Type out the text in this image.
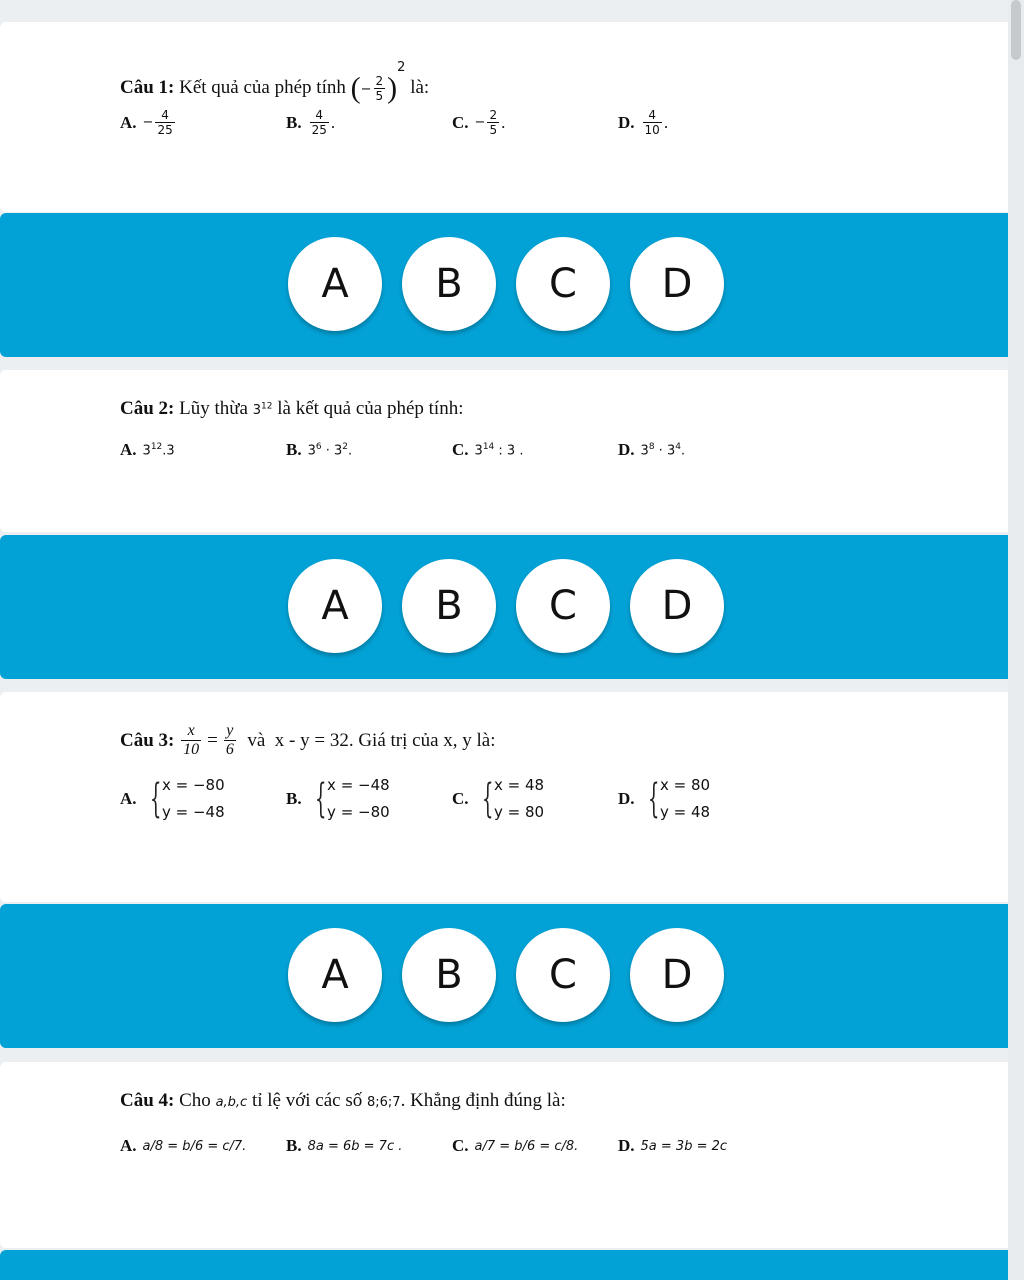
Câu 1: Kết quả của phép tính (− $\frac{2}{5} )^2$ là:
A. − $\frac{4}{25}$	B. $\frac{4}{25}$ .	C. − $\frac{2}{5}$ .	D. $\frac{4}{10}$ .
A	B	C	D
Câu 2: Lũy thừa $3^{12}$ là kết quả của phép tính:
A. $3^{12}.3$	B. $3^6 \cdot 3^2$.	C. $3^{14}$ : 3 .	D. $3^8 \cdot 3^4$.
A	B	C	D
Câu 3:
$\frac{x}{10} = \frac{y}{6}$
và
x - y = 32.
Giá trị của x, y là:
A. { x = −80
y = −48
B. { x = −48
y = −80
C. { x = 48
y = 80
D. { x = 80
y = 48
A	B	C	D
Câu 4: Cho a,b,c tỉ lệ với các số 8;6;7. Khẳng định đúng là:
A. a/8 = b/6 = c/7. B. 8a = 6b = 7c .	C. a/7 = b/6 = c/8. D. 5a = 3b = 2c
